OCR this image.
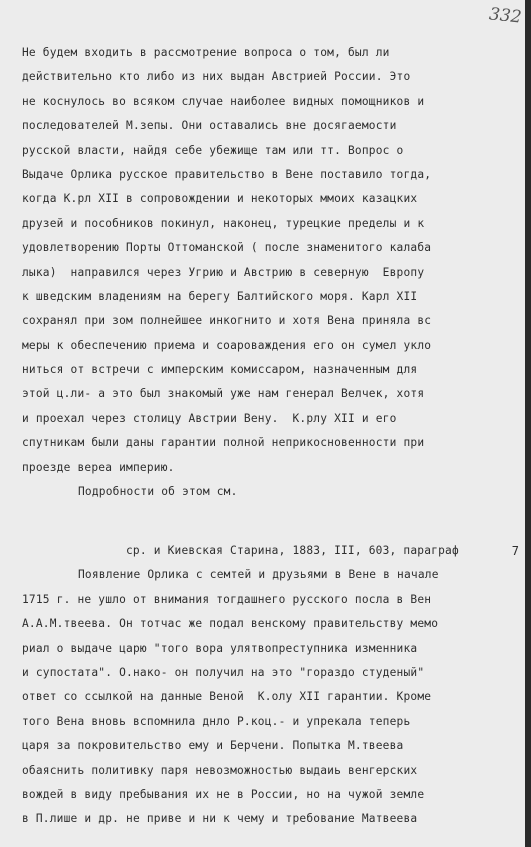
332
Не будем входить в рассмотрение вопроса о том, был ли
действительно кто либо из них выдан Австрией России. Это
не коснулось во всяком случае наиболее видных помощников и
последователей М.зепы. Они оставались вне досягаемости
русской власти, найдя себе убежище там или тт. Вопрос о
Выдаче Орлика русское правительство в Вене поставило тогда,
когда К.рл XII в сопровождении и некоторых ммоих казацких
друзей и пособников покинул, наконец, турецкие пределы и к
удовлетворению Порты Оттоманской ( после знаменитого калаба
лыка)  направился через Угрию и Австрию в северную  Европу
к шведским владениям на берегу Балтийского моря. Карл XII
сохранял при зом полнейшее инкогнито и хотя Вена приняла вс
меры к обеспечению приема и соароваждения его он сумел укло
ниться от встречи с имперским комиссаром, назначенным для
этой ц.ли- а это был знакомый уже нам генерал Велчек, хотя
и проехал через столицу Австрии Вену.  К.рлу XII и его
спутникам были даны гарантии полной неприкосновенности при
проезде вереа империю.
Подробности об этом см.
ср. и Киевская Старина, 1883, III, 603, параграф
Появление Орлика с семтей и друзьями в Вене в начале
1715 г. не ушло от внимания тогдашнего русского посла в Вен
А.А.М.твеева. Он тотчас же подал венскому правительству мемо
риал о выдаче царю "того вора улятвопреступника изменника
и супостата". О.нако- он получил на это "гораздо студеный"
ответ со ссылкой на данные Веной  К.олу XII гарантии. Кроме
того Вена вновь вспомнила днло Р.коц.- и упрекала теперь
царя за покровительство ему и Берчени. Попытка М.твеева
обаяснить политивку паря невозможностью выдаиь венгерских
вождей в виду пребывания их не в России, но на чужой земле
в П.лише и др. не приве и ни к чему и требование Матвеева
7
